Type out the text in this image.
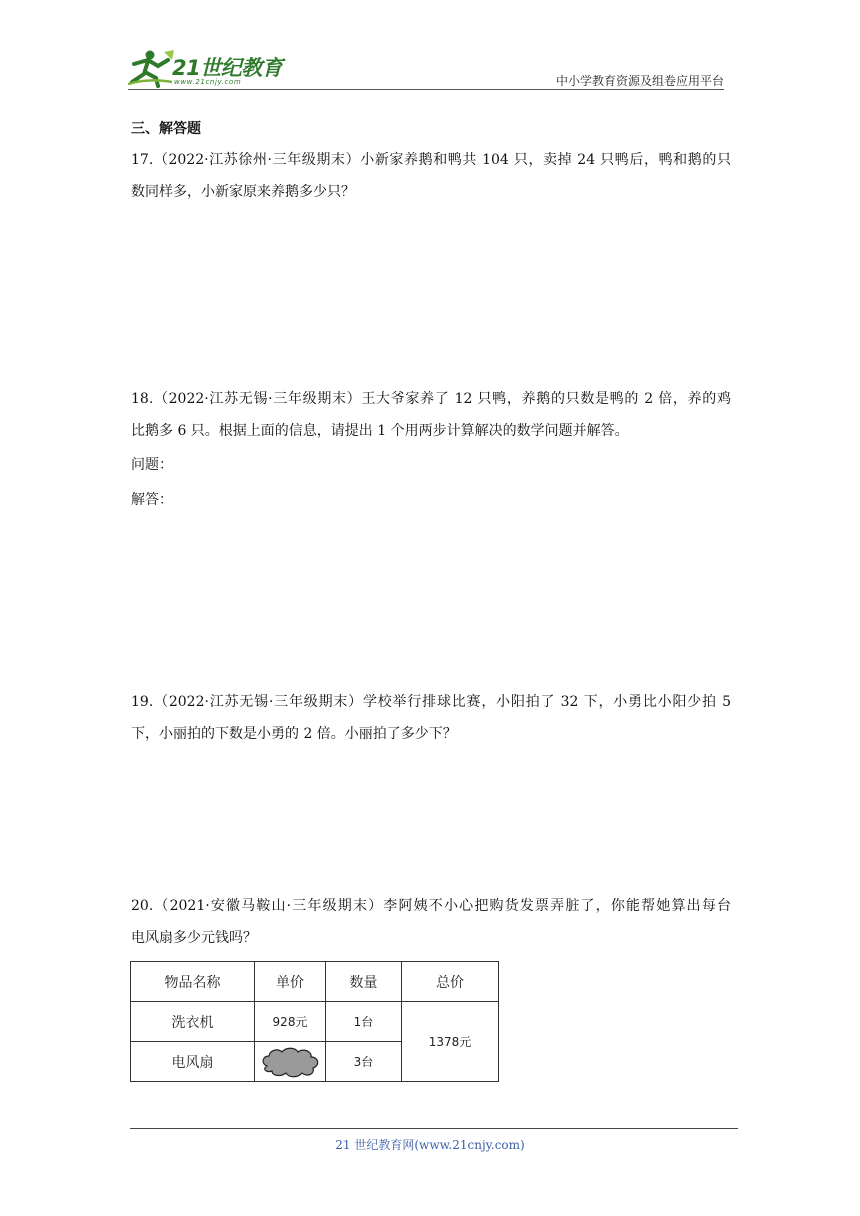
21世纪教育
www.21cnjy.com	中小学教育资源及组卷应用平台
三、解答题
17.（2022·江苏徐州·三年级期末）小新家养鹅和鸭共 104 只，卖掉 24 只鸭后，鸭和鹅的只
数同样多，小新家原来养鹅多少只？
18.（2022·江苏无锡·三年级期末）王大爷家养了 12 只鸭，养鹅的只数是鸭的 2 倍，养的鸡
比鹅多 6 只。根据上面的信息，请提出 1 个用两步计算解决的数学问题并解答。
问题：
解答：
19.（2022·江苏无锡·三年级期末）学校举行排球比赛，小阳拍了 32 下，小勇比小阳少拍 5
下，小丽拍的下数是小勇的 2 倍。小丽拍了多少下？
20.（2021·安徽马鞍山·三年级期末）李阿姨不小心把购货发票弄脏了，你能帮她算出每台
电风扇多少元钱吗？
物品名称	单价	数量	总价
洗衣机	928元	1台	1378元
电风扇		3台	
21 世纪教育网(www.21cnjy.com)
